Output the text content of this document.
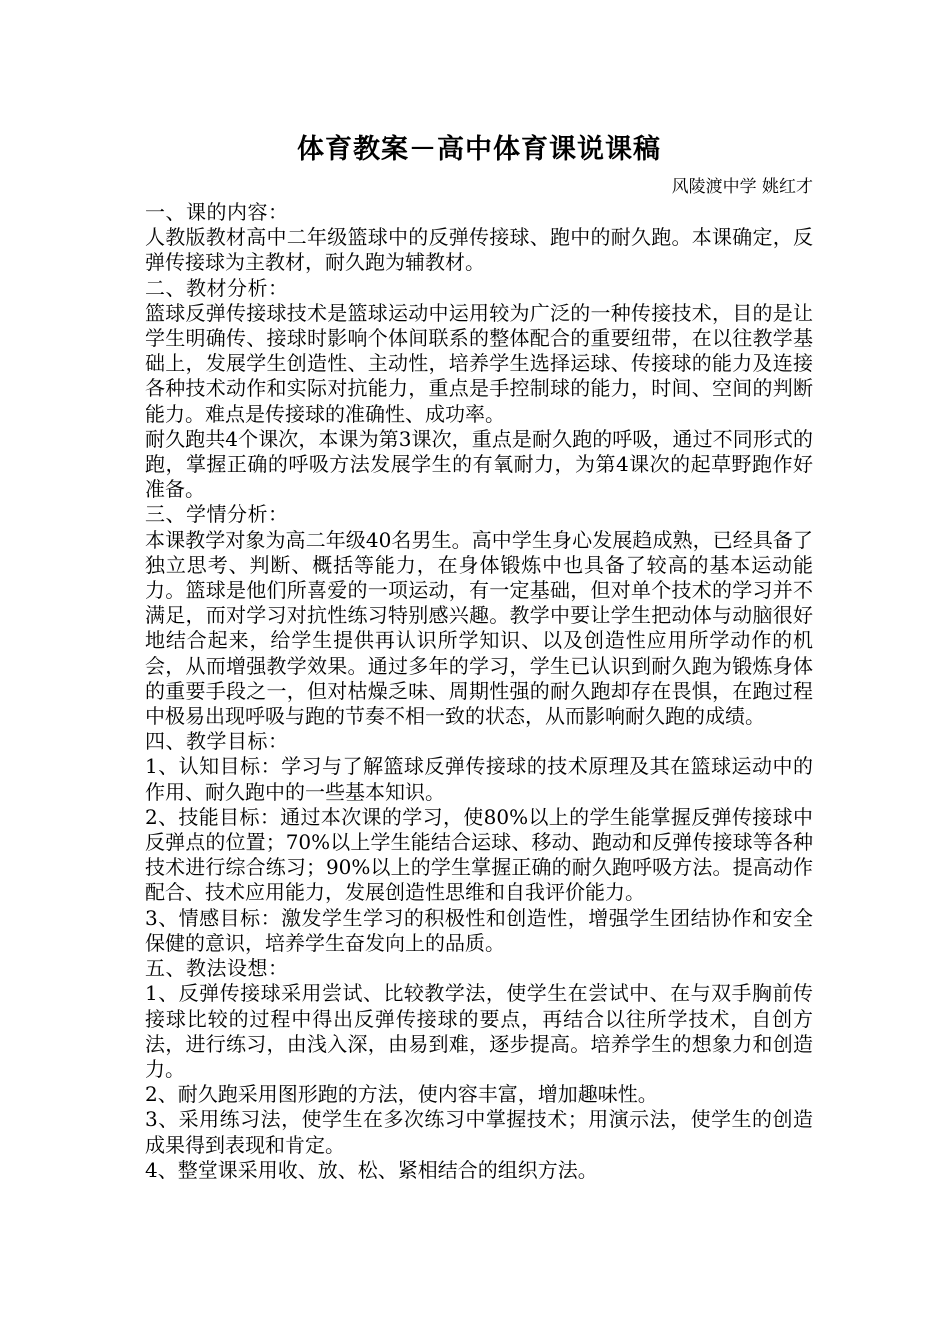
体育教案－高中体育课说课稿

风陵渡中学 姚红才

一、课的内容：

人教版教材高中二年级篮球中的反弹传接球、跑中的耐久跑。本课确定，反弹传接球为主教材，耐久跑为辅教材。

二、教材分析：

篮球反弹传接球技术是篮球运动中运用较为广泛的一种传接技术，目的是让学生明确传、接球时影响个体间联系的整体配合的重要纽带，在以往教学基础上，发展学生创造性、主动性，培养学生选择运球、传接球的能力及连接各种技术动作和实际对抗能力，重点是手控制球的能力，时间、空间的判断能力。难点是传接球的准确性、成功率。

耐久跑共4个课次，本课为第3课次，重点是耐久跑的呼吸，通过不同形式的跑，掌握正确的呼吸方法发展学生的有氧耐力，为第4课次的起草野跑作好准备。

三、学情分析：

本课教学对象为高二年级40名男生。高中学生身心发展趋成熟，已经具备了独立思考、判断、概括等能力，在身体锻炼中也具备了较高的基本运动能力。篮球是他们所喜爱的一项运动，有一定基础，但对单个技术的学习并不满足，而对学习对抗性练习特别感兴趣。教学中要让学生把动体与动脑很好地结合起来，给学生提供再认识所学知识、以及创造性应用所学动作的机会，从而增强教学效果。通过多年的学习，学生已认识到耐久跑为锻炼身体的重要手段之一，但对枯燥乏味、周期性强的耐久跑却存在畏惧，在跑过程中极易出现呼吸与跑的节奏不相一致的状态，从而影响耐久跑的成绩。

四、教学目标：

1、认知目标：学习与了解篮球反弹传接球的技术原理及其在篮球运动中的作用、耐久跑中的一些基本知识。

2、技能目标：通过本次课的学习，使80%以上的学生能掌握反弹传接球中反弹点的位置；70%以上学生能结合运球、移动、跑动和反弹传接球等各种技术进行综合练习；90%以上的学生掌握正确的耐久跑呼吸方法。提高动作配合、技术应用能力，发展创造性思维和自我评价能力。

3、情感目标：激发学生学习的积极性和创造性，增强学生团结协作和安全保健的意识，培养学生奋发向上的品质。

五、教法设想：

1、反弹传接球采用尝试、比较教学法，使学生在尝试中、在与双手胸前传接球比较的过程中得出反弹传接球的要点，再结合以往所学技术，自创方法，进行练习，由浅入深，由易到难，逐步提高。培养学生的想象力和创造力。

2、耐久跑采用图形跑的方法，使内容丰富，增加趣味性。

3、采用练习法，使学生在多次练习中掌握技术；用演示法，使学生的创造成果得到表现和肯定。

4、整堂课采用收、放、松、紧相结合的组织方法。
